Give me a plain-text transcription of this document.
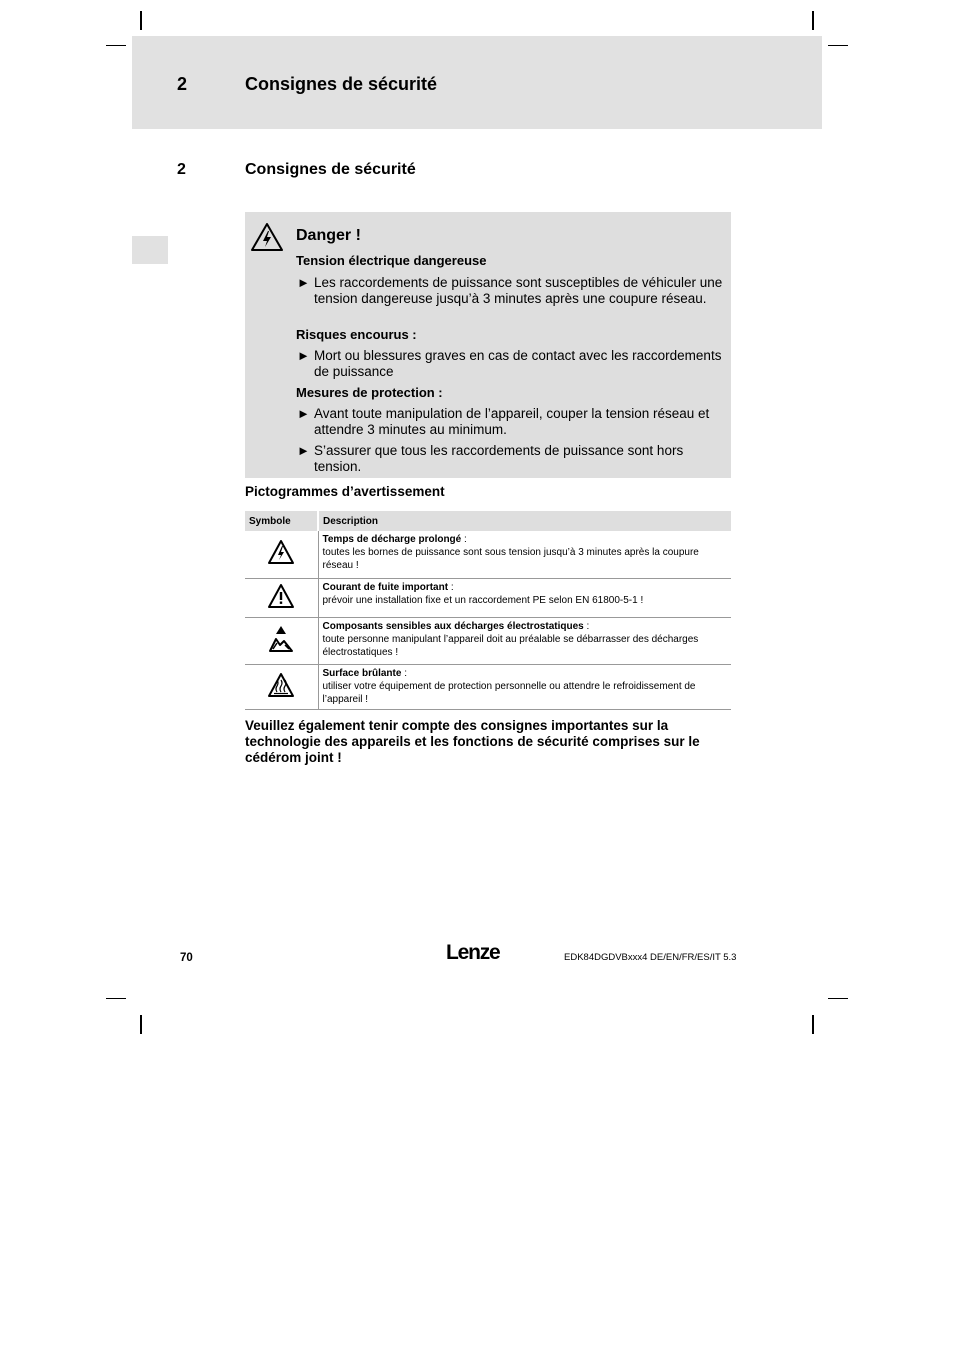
2	Consignes de sécurité
2	Consignes de sécurité
Danger !
Tension électrique dangereuse
► Les raccordements de puissance sont susceptibles de véhiculer une tension dangereuse jusqu’à 3 minutes après une coupure réseau.
Risques encourus :
► Mort ou blessures graves en cas de contact avec les raccordements de puissance
Mesures de protection :
► Avant toute manipulation de l’appareil, couper la tension réseau et attendre 3 minutes au minimum.
► S’assurer que tous les raccordements de puissance sont hors tension.
Pictogrammes d’avertissement
Symbole	Description
	Temps de décharge prolongé :
toutes les bornes de puissance sont sous tension jusqu’à 3 minutes après la coupure réseau !
	Courant de fuite important :
prévoir une installation fixe et un raccordement PE selon EN 61800-5-1 !
	Composants sensibles aux décharges électrostatiques :
toute personne manipulant l’appareil doit au préalable se débarrasser des décharges électrostatiques !
	Surface brûlante :
utiliser votre équipement de protection personnelle ou attendre le refroidissement de l’appareil !
Veuillez également tenir compte des consignes importantes sur la technologie des appareils et les fonctions de sécurité comprises sur le cédérom joint !
70	Lenze	EDK84DGDVBxxx4 DE/EN/FR/ES/IT 5.3
